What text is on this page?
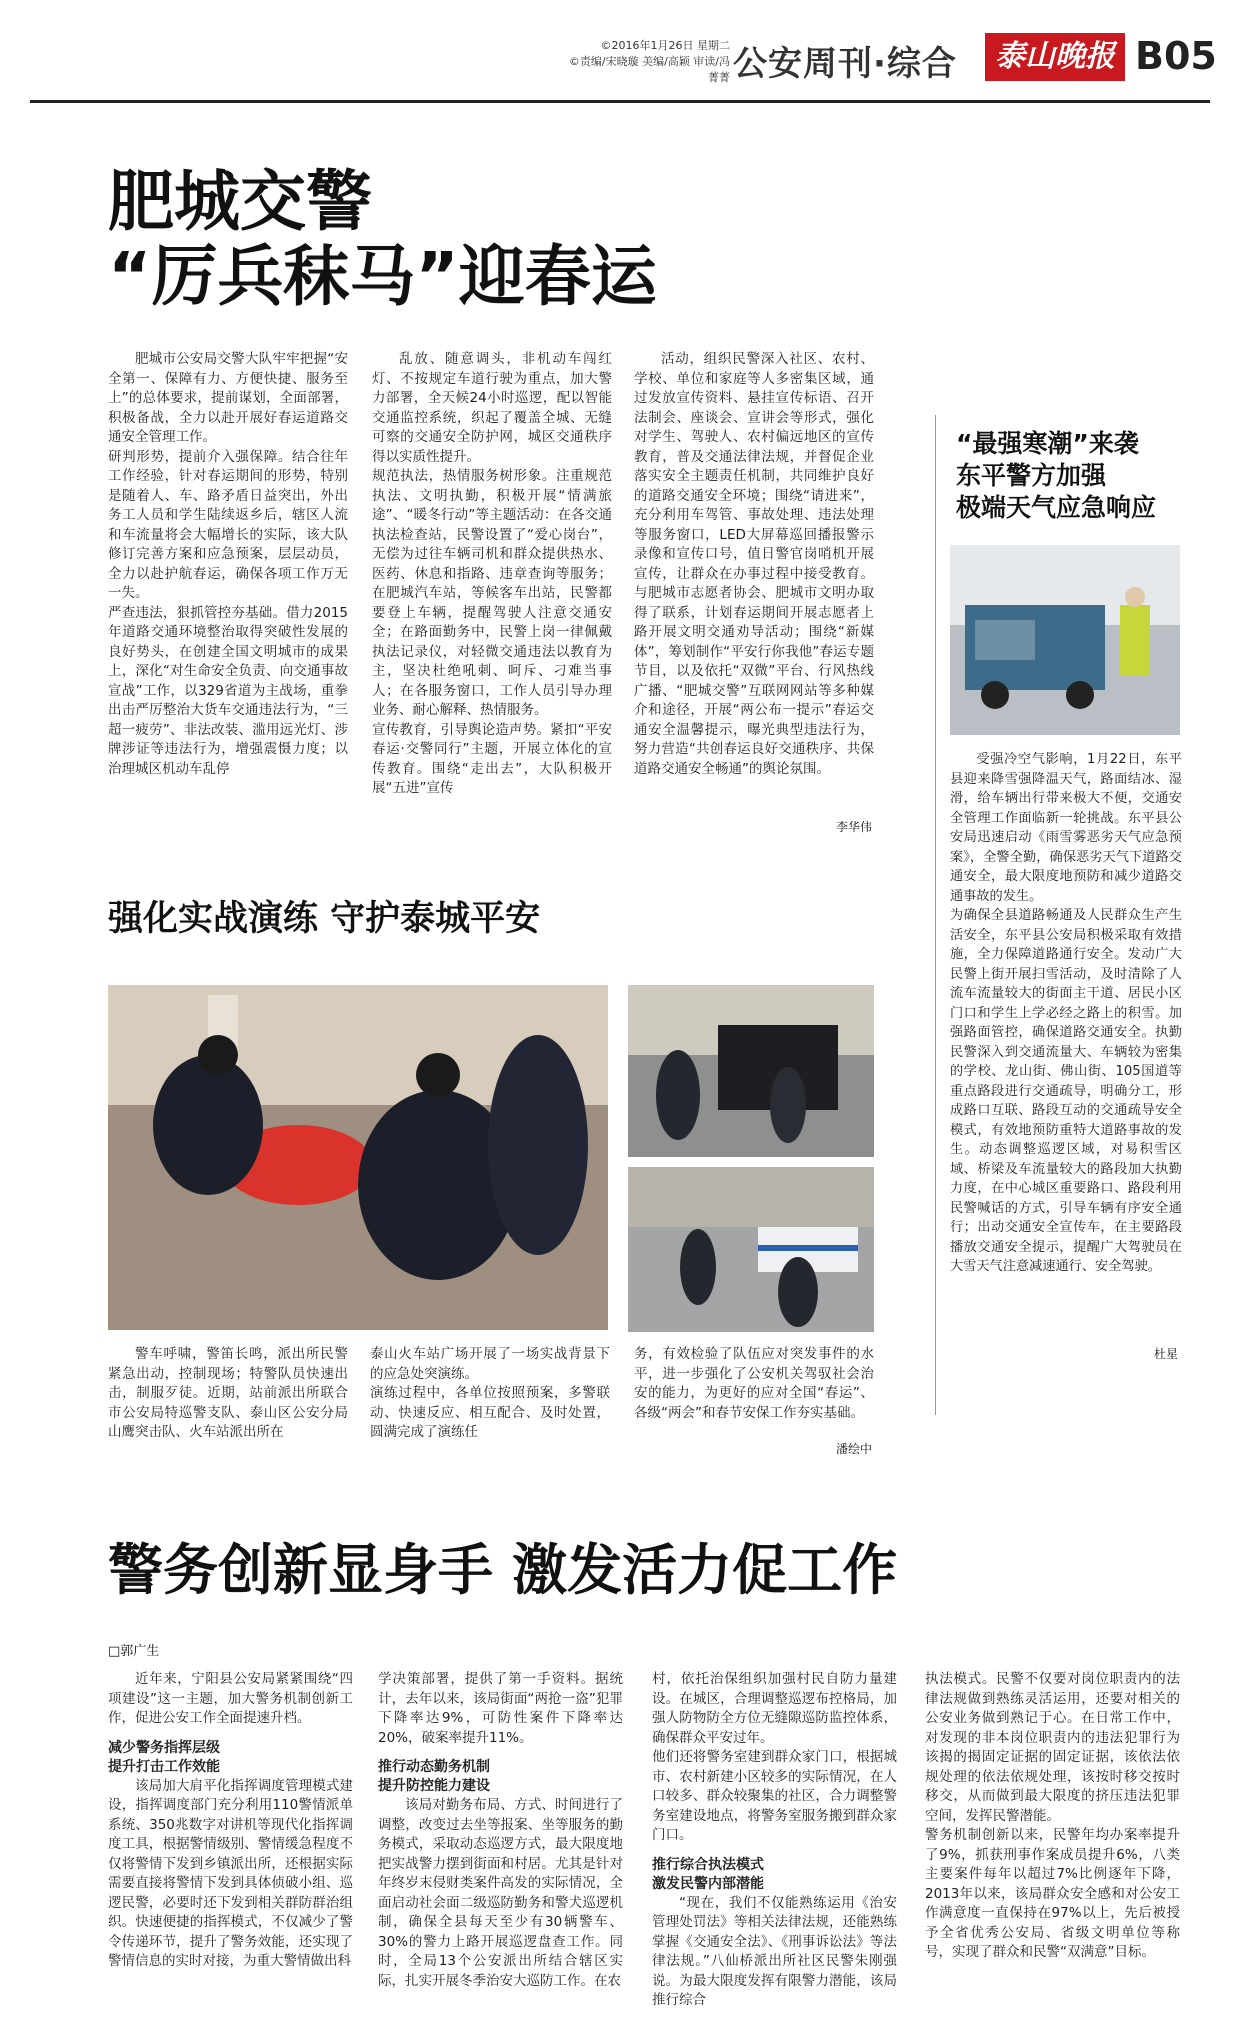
©2016年1月26日 星期二
©责编/宋晓璇 美编/高颖 审读/冯菁菁 公安周刊·综合	泰山晚报 B05
肥城交警
“厉兵秣马”迎春运

肥城市公安局交警大队牢牢把握“安全第一、保障有力、方便快捷、服务至上”的总体要求，提前谋划，全面部署，积极备战，全力以赴开展好春运道路交通安全管理工作。
研判形势，提前介入强保障。结合往年工作经验，针对春运期间的形势，特别是随着人、车、路矛盾日益突出，外出务工人员和学生陆续返乡后，辖区人流和车流量将会大幅增长的实际，该大队修订完善方案和应急预案，层层动员，全力以赴护航春运，确保各项工作万无一失。
严查违法，狠抓管控夯基础。借力2015年道路交通环境整治取得突破性发展的良好势头，在创建全国文明城市的成果上，深化“对生命安全负责、向交通事故宣战”工作，以329省道为主战场，重拳出击严厉整治大货车交通违法行为，“三超一疲劳”、非法改装、滥用远光灯、涉牌涉证等违法行为，增强震慑力度；以治理城区机动车乱停

乱放、随意调头，非机动车闯红灯、不按规定车道行驶为重点，加大警力部署，全天候24小时巡逻，配以智能交通监控系统，织起了覆盖全城、无缝可察的交通安全防护网，城区交通秩序得以实质性提升。
规范执法，热情服务树形象。注重规范执法、文明执勤，积极开展“情满旅途”、“暖冬行动”等主题活动：在各交通执法检查站，民警设置了“爱心岗台”，无偿为过往车辆司机和群众提供热水、医药、休息和指路、违章查询等服务；在肥城汽车站，等候客车出站，民警都要登上车辆，提醒驾驶人注意交通安全；在路面勤务中，民警上岗一律佩戴执法记录仪，对轻微交通违法以教育为主，坚决杜绝吼刺、呵斥、刁难当事人；在各服务窗口，工作人员引导办理业务、耐心解释、热情服务。
宣传教育，引导舆论造声势。紧扣“平安春运·交警同行”主题，开展立体化的宣传教育。围绕“走出去”，大队积极开展“五进”宣传

活动，组织民警深入社区、农村、学校、单位和家庭等人多密集区域，通过发放宣传资料、悬挂宣传标语、召开法制会、座谈会、宣讲会等形式，强化对学生、驾驶人、农村偏远地区的宣传教育，普及交通法律法规，并督促企业落实安全主题责任机制，共同维护良好的道路交通安全环境；围绕“请进来”，充分利用车驾管、事故处理、违法处理等服务窗口，LED大屏幕巡回播报警示录像和宣传口号，值日警官岗哨机开展宣传，让群众在办事过程中接受教育。与肥城市志愿者协会、肥城市文明办取得了联系，计划春运期间开展志愿者上路开展文明交通劝导活动；围绕“新媒体”，筹划制作“平安行你我他”春运专题节目，以及依托“双微”平台、行风热线广播、“肥城交警”互联网网站等多种媒介和途径，开展“两公布一提示”春运交通安全温馨提示，曝光典型违法行为，努力营造“共创春运良好交通秩序、共保道路交通安全畅通”的舆论氛围。

李华伟
“最强寒潮”来袭
东平警方加强
极端天气应急响应

受强冷空气影响，1月22日，东平县迎来降雪强降温天气，路面结冰、湿滑，给车辆出行带来极大不便，交通安全管理工作面临新一轮挑战。东平县公安局迅速启动《雨雪雾恶劣天气应急预案》，全警全勤，确保恶劣天气下道路交通安全，最大限度地预防和减少道路交通事故的发生。
为确保全县道路畅通及人民群众生产生活安全，东平县公安局积极采取有效措施，全力保障道路通行安全。发动广大民警上街开展扫雪活动，及时清除了人流车流量较大的街面主干道、居民小区门口和学生上学必经之路上的积雪。加强路面管控，确保道路交通安全。执勤民警深入到交通流量大、车辆较为密集的学校、龙山街、佛山街、105国道等重点路段进行交通疏导，明确分工，形成路口互联、路段互动的交通疏导安全模式，有效地预防重特大道路事故的发生。动态调整巡逻区域，对易积雪区域、桥梁及车流量较大的路段加大执勤力度，在中心城区重要路口、路段利用民警喊话的方式，引导车辆有序安全通行；出动交通安全宣传车，在主要路段播放交通安全提示，提醒广大驾驶员在大雪天气注意减速通行、安全驾驶。

杜星
强化实战演练 守护泰城平安

警车呼啸，警笛长鸣，派出所民警紧急出动，控制现场；特警队员快速出击，制服歹徒。近期，站前派出所联合市公安局特巡警支队、泰山区公安分局山鹰突击队、火车站派出所在

泰山火车站广场开展了一场实战背景下的应急处突演练。
演练过程中，各单位按照预案，多警联动、快速反应、相互配合、及时处置，圆满完成了演练任
务，有效检验了队伍应对突发事件的水平，进一步强化了公安机关驾驭社会治安的能力，为更好的应对全国“春运”、各级“两会”和春节安保工作夯实基础。
潘绘中
警务创新显身手 激发活力促工作
□郭广生

近年来，宁阳县公安局紧紧围绕“四项建设”这一主题，加大警务机制创新工作，促进公安工作全面提速升档。

减少警务指挥层级
提升打击工作效能

该局加大肩平化指挥调度管理模式建设，指挥调度部门充分利用110警情派单系统、350兆数字对讲机等现代化指挥调度工具，根据警情级别、警情缓急程度不仅将警情下发到乡镇派出所，还根据实际需要直接将警情下发到具体侦破小组、巡逻民警，必要时还下发到相关群防群治组织。快速便捷的指挥模式，不仅减少了警令传递环节，提升了警务效能，还实现了警情信息的实时对接，为重大警情做出科

学决策部署，提供了第一手资料。据统计，去年以来，该局街面“两抢一盗”犯罪下降率达9%，可防性案件下降率达20%，破案率提升11%。
推行动态勤务机制
提升防控能力建设

该局对勤务布局、方式、时间进行了调整，改变过去坐等报案、坐等服务的勤务模式，采取动态巡逻方式，最大限度地把实战警力摆到街面和村居。尤其是针对年终岁末侵财类案件高发的实际情况，全面启动社会面二级巡防勤务和警犬巡逻机制，确保全县每天至少有30辆警车、30%的警力上路开展巡逻盘查工作。同时，全局13个公安派出所结合辖区实际，扎实开展冬季治安大巡防工作。在农

村，依托治保组织加强村民自防力量建设。在城区，合理调整巡逻布控格局，加强人防物防全方位无缝隙巡防监控体系，确保群众平安过年。
他们还将警务室建到群众家门口，根据城市、农村新建小区较多的实际情况，在人口较多、群众较聚集的社区，合力调整警务室建设地点，将警务室服务搬到群众家门口。
推行综合执法模式
激发民警内部潜能

“现在，我们不仅能熟练运用《治安管理处罚法》等相关法律法规，还能熟练掌握《交通安全法》、《刑事诉讼法》等法律法规。”八仙桥派出所社区民警朱刚强说。为最大限度发挥有限警力潜能，该局推行综合

执法模式。民警不仅要对岗位职责内的法律法规做到熟练灵活运用，还要对相关的公安业务做到熟记于心。在日常工作中，对发现的非本岗位职责内的违法犯罪行为该揭的揭固定证据的固定证据，该依法依规处理的依法依规处理，该按时移交按时移交，从而做到最大限度的挤压违法犯罪空间，发挥民警潜能。
警务机制创新以来，民警年均办案率提升了9%，抓获刑事作案成员提升6%，八类主要案件每年以超过7%比例逐年下降，2013年以来，该局群众安全感和对公安工作满意度一直保持在97%以上，先后被授予全省优秀公安局、省级文明单位等称号，实现了群众和民警“双满意”目标。
